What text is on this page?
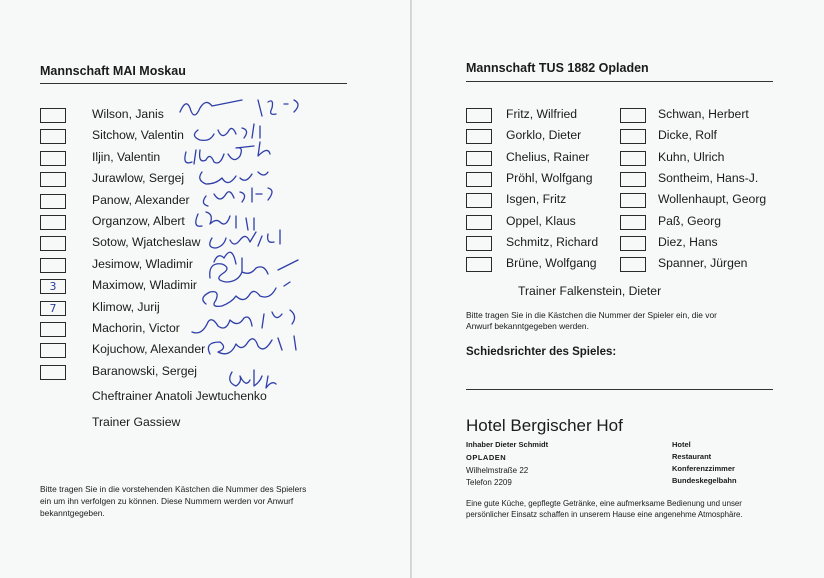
Mannschaft MAI Moskau
Wilson, Janis
Sitchow, Valentin
Iljin, Valentin
Jurawlow, Sergej
Panow, Alexander
Organzow, Albert
Sotow, Wjatcheslaw
Jesimow, Wladimir
3	Maximow, Wladimir
7	Klimow, Jurij
Machorin, Victor
Kojuchow, Alexander
Baranowski, Sergej
Cheftrainer Anatoli Jewtuchenko
Trainer Gassiew
Bitte tragen Sie in die vorstehenden Kästchen die Nummer des Spielers
ein um ihn verfolgen zu können. Diese Nummern werden vor Anwurf
bekanntgegeben.
Mannschaft TUS 1882 Opladen
Fritz, Wilfried
Gorklo, Dieter
Chelius, Rainer
Pröhl, Wolfgang
Isgen, Fritz
Oppel, Klaus
Schmitz, Richard
Brüne, Wolfgang
Schwan, Herbert
Dicke, Rolf
Kuhn, Ulrich
Sontheim, Hans-J.
Wollenhaupt, Georg
Paß, Georg
Diez, Hans
Spanner, Jürgen
Trainer Falkenstein, Dieter
Bitte tragen Sie in die Kästchen die Nummer der Spieler ein, die vor
Anwurf bekanntgegeben werden.
Schiedsrichter des Spieles:
Hotel Bergischer Hof
Inhaber Dieter Schmidt
OPLADEN
Wilhelmstraße 22
Telefon 2209
Hotel
Restaurant
Konferenzzimmer
Bundeskegelbahn
Eine gute Küche, gepflegte Getränke, eine aufmerksame Bedienung und unser
persönlicher Einsatz schaffen in unserem Hause eine angenehme Atmosphäre.
